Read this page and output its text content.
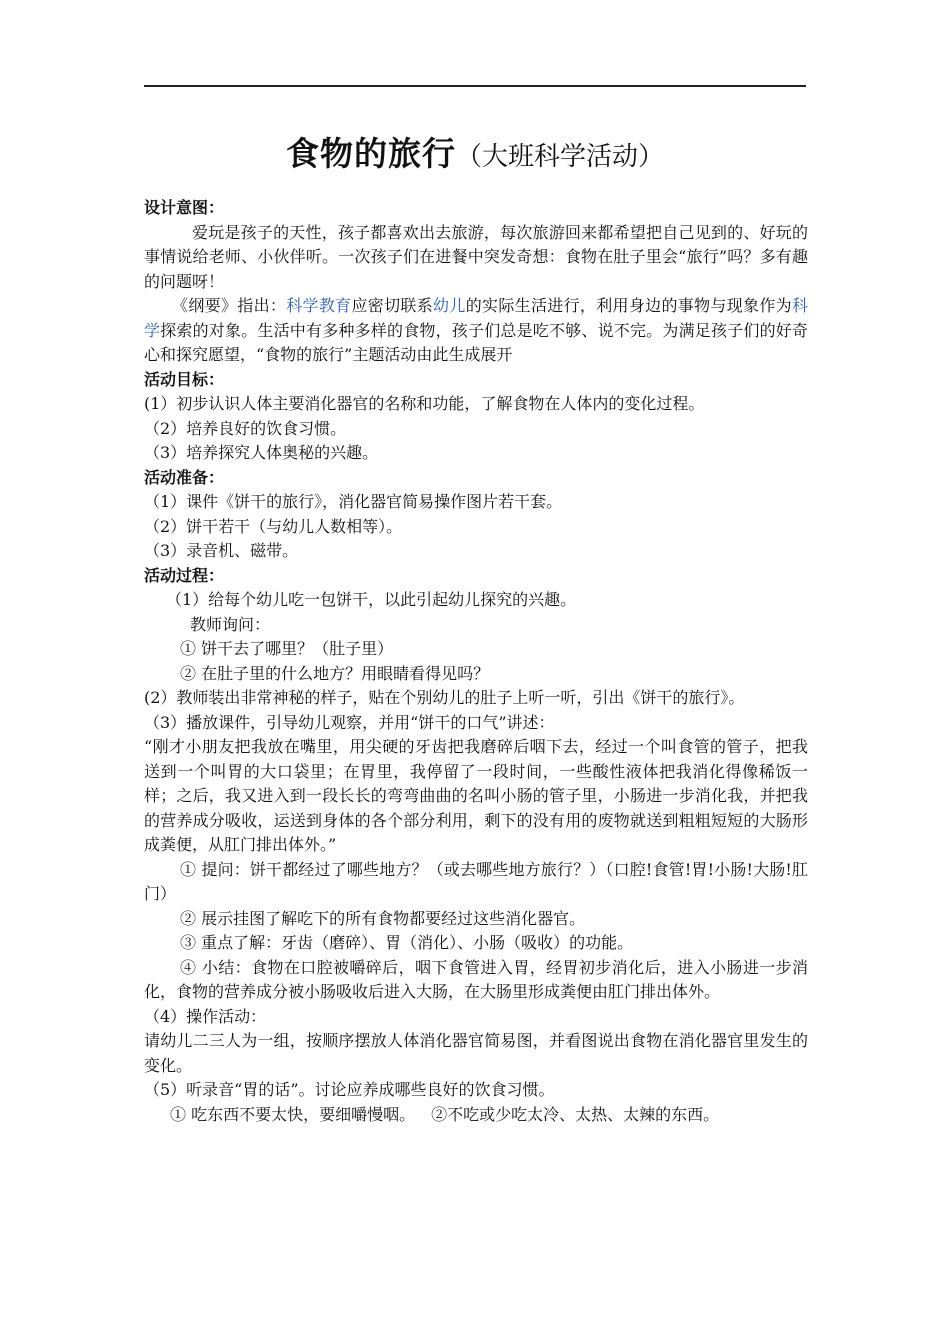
食物的旅行（大班科学活动）

设计意图：

爱玩是孩子的天性，孩子都喜欢出去旅游，每次旅游回来都希望把自己见到的、好玩的事情说给老师、小伙伴听。一次孩子们在进餐中突发奇想：食物在肚子里会“旅行”吗？多有趣的问题呀！

《纲要》指出：科学教育应密切联系幼儿的实际生活进行，利用身边的事物与现象作为科学探索的对象。生活中有多种多样的食物，孩子们总是吃不够、说不完。为满足孩子们的好奇心和探究愿望，“食物的旅行”主题活动由此生成展开

活动目标：

(1）初步认识人体主要消化器官的名称和功能，了解食物在人体内的变化过程。

（2）培养良好的饮食习惯。

（3）培养探究人体奥秘的兴趣。

活动准备：

（1）课件《饼干的旅行》，消化器官简易操作图片若干套。

（2）饼干若干（与幼儿人数相等）。

（3）录音机、磁带。

活动过程：

（1）给每个幼儿吃一包饼干，以此引起幼儿探究的兴趣。

教师询问：

① 饼干去了哪里？（肚子里）

② 在肚子里的什么地方？用眼睛看得见吗？

(2）教师装出非常神秘的样子，贴在个别幼儿的肚子上听一听，引出《饼干的旅行》。

（3）播放课件，引导幼儿观察，并用“饼干的口气”讲述：

“刚才小朋友把我放在嘴里，用尖硬的牙齿把我磨碎后咽下去，经过一个叫食管的管子，把我送到一个叫胃的大口袋里；在胃里，我停留了一段时间，一些酸性液体把我消化得像稀饭一样；之后，我又进入到一段长长的弯弯曲曲的名叫小肠的管子里，小肠进一步消化我，并把我的营养成分吸收，运送到身体的各个部分利用，剩下的没有用的废物就送到粗粗短短的大肠形成粪便，从肛门排出体外。”

① 提问：饼干都经过了哪些地方？（或去哪些地方旅行？）（口腔!食管!胃!小肠!大肠!肛门）

② 展示挂图了解吃下的所有食物都要经过这些消化器官。

③ 重点了解：牙齿（磨碎）、胃（消化）、小肠（吸收）的功能。

④ 小结：食物在口腔被嚼碎后，咽下食管进入胃，经胃初步消化后，进入小肠进一步消化，食物的营养成分被小肠吸收后进入大肠，在大肠里形成粪便由肛门排出体外。

（4）操作活动：

请幼儿二三人为一组，按顺序摆放人体消化器官简易图，并看图说出食物在消化器官里发生的变化。

（5）听录音“胃的话”。讨论应养成哪些良好的饮食习惯。

① 吃东西不要太快，要细嚼慢咽。 ②不吃或少吃太冷、太热、太辣的东西。
